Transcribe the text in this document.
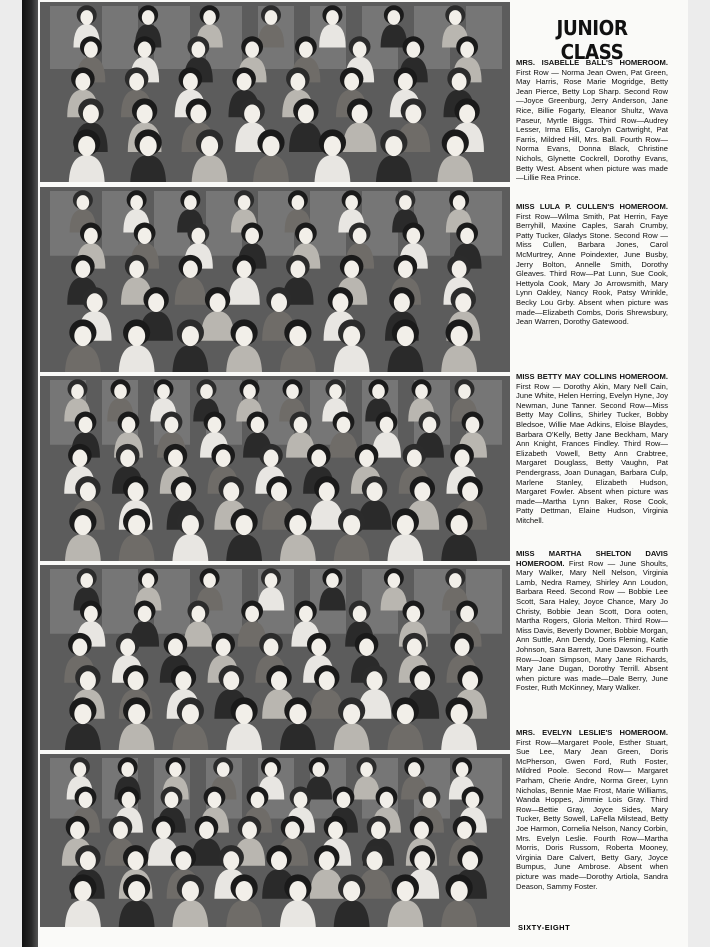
JUNIOR CLASS

MRS. ISABELLE BALL'S HOMEROOM. First Row — Norma Jean Owen, Pat Green, May Harris, Rose Marie Mogridge, Betty Jean Pierce, Betty Lop Sharp. Second Row—Joyce Greenburg, Jerry Anderson, Jane Rice, Billie Fogarty, Eleanor Shultz, Wava Paseur, Myrtle Biggs. Third Row—Audrey Lesser, Irma Ellis, Carolyn Cartwright, Pat Farris, Mildred Hill, Mrs. Ball. Fourth Row—Norma Evans, Donna Black, Christine Nichols, Glynette Cockrell, Dorothy Evans, Betty West. Absent when picture was made—Lillie Rea Prince.

MISS LULA P. CULLEN'S HOMEROOM. First Row—Wilma Smith, Pat Herrin, Faye Berryhill, Maxine Caples, Sarah Crumby, Patty Tucker, Gladys Stone. Second Row — Miss Cullen, Barbara Jones, Carol McMurtrey, Anne Poindexter, June Busby, Jerry Bolton, Annelle Smith, Dorothy Gleaves. Third Row—Pat Lunn, Sue Cook, Hettyola Cook, Mary Jo Arrowsmith, Mary Lynn Oakley, Nancy Rook, Patsy Wrinkle, Becky Lou Grby. Absent when picture was made—Elizabeth Combs, Doris Shrewsbury, Jean Warren, Dorothy Gatewood.

MISS BETTY MAY COLLINS HOMEROOM. First Row — Dorothy Akin, Mary Nell Cain, June White, Helen Herring, Evelyn Hyne, Joy Newman, June Tanner. Second Row—Miss Betty May Collins, Shirley Tucker, Bobby Bledsoe, Willie Mae Adkins, Eloise Blaydes, Barbara O'Kelly, Betty Jane Beckham, Mary Ann Knight, Frances Findley. Third Row—Elizabeth Vowell, Betty Ann Crabtree, Margaret Douglass, Betty Vaughn, Pat Pendergrass, Joan Dunagan, Barbara Culp, Marlene Stanley, Elizabeth Hudson, Margaret Fowler. Absent when picture was made—Martha Lynn Baker, Rose Cook, Patty Dettman, Elaine Hudson, Virginia Mitchell.

MISS MARTHA SHELTON DAVIS HOMEROOM. First Row — June Shoults, Mary Walker, Mary Nell Nelson, Virginia Lamb, Nedra Ramey, Shirley Ann Loudon, Barbara Reed. Second Row — Bobbie Lee Scott, Sara Haley, Joyce Chance, Mary Jo Christy, Bobbie Jean Scott, Dora ooten, Martha Rogers, Gloria Melton. Third Row—Miss Davis, Beverly Downer, Bobbie Morgan, Ann Suttle, Ann Dendy, Doris Fleming, Katie Johnson, Sara Barrett, June Dawson. Fourth Row—Joan Simpson, Mary Jane Richards, Mary Jane Dugan, Dorothy Terrill. Absent when picture was made—Dale Berry, June Foster, Ruth McKinney, Mary Walker.

MRS. EVELYN LESLIE'S HOMEROOM. First Row—Margaret Poole, Esther Stuart, Sue Lee, Mary Jean Green, Doris McPherson, Gwen Ford, Ruth Foster, Mildred Poole. Second Row— Margaret Parham, Cherie Andre, Norma Greer, Lynn Nicholas, Bennie Mae Frost, Marie Williams, Wanda Hoppes, Jimmie Lois Gray. Third Row—Bettie Gray, Joyce Sides, Mary Tucker, Betty Sowell, LaFella Milstead, Betty Joe Harmon, Cornelia Nelson, Nancy Corbin, Mrs. Evelyn Leslie. Fourth Row—Martha Morris, Doris Russom, Roberta Mooney, Virginia Dare Calvert, Betty Gary, Joyce Bumpus, June Ambrose. Absent when picture was made—Dorothy Artiola, Sandra Deason, Sammy Foster.

SIXTY-EIGHT
